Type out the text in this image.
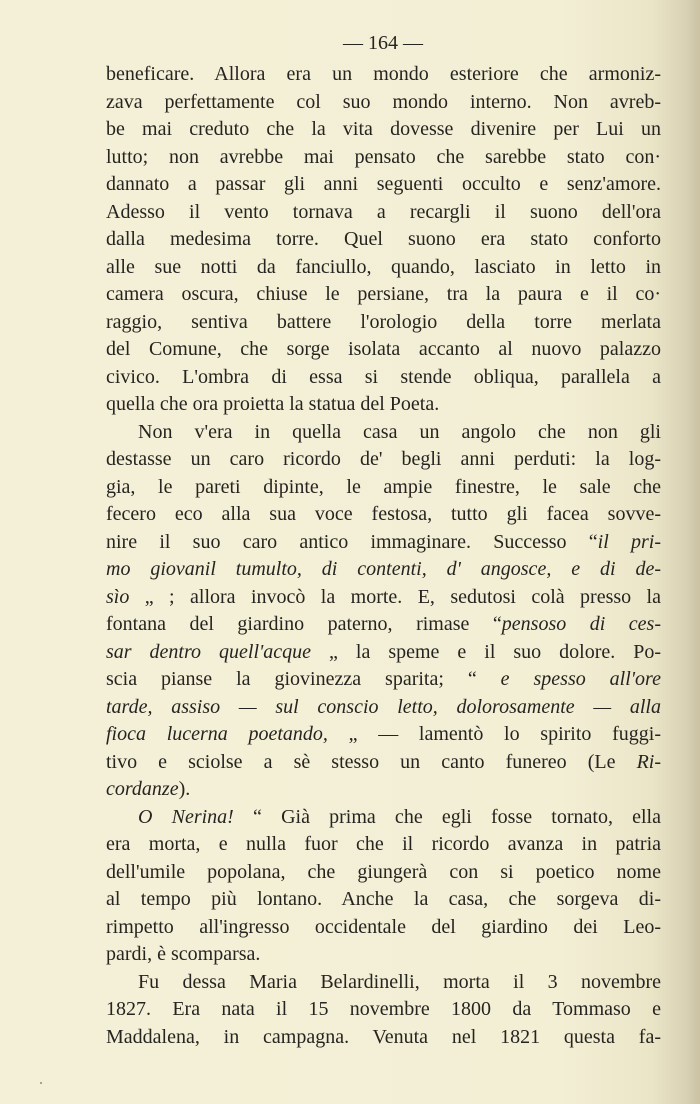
— 164 —
beneficare. Allora era un mondo esteriore che armoniz-
zava perfettamente col suo mondo interno. Non avreb-
be mai creduto che la vita dovesse divenire per Lui un
lutto; non avrebbe mai pensato che sarebbe stato con·
dannato a passar gli anni seguenti occulto e senz'amore.
Adesso il vento tornava a recargli il suono dell'ora
dalla medesima torre. Quel suono era stato conforto
alle sue notti da fanciullo, quando, lasciato in letto in
camera oscura, chiuse le persiane, tra la paura e il co·
raggio, sentiva battere l'orologio della torre merlata
del Comune, che sorge isolata accanto al nuovo palazzo
civico. L'ombra di essa si stende obliqua, parallela a
quella che ora proietta la statua del Poeta.
Non v'era in quella casa un angolo che non gli
destasse un caro ricordo de' begli anni perduti: la log-
gia, le pareti dipinte, le ampie finestre, le sale che
fecero eco alla sua voce festosa, tutto gli facea sovve-
nire il suo caro antico immaginare. Successo “il pri-
mo giovanil tumulto, di contenti, d' angosce, e di de-
sìo „ ; allora invocò la morte. E, sedutosi colà presso la
fontana del giardino paterno, rimase “pensoso di ces-
sar dentro quell'acque „ la speme e il suo dolore. Po-
scia pianse la giovinezza sparita; “ e spesso all'ore
tarde, assiso — sul conscio letto, dolorosamente — alla
fioca lucerna poetando, „ — lamentò lo spirito fuggi-
tivo e sciolse a sè stesso un canto funereo (Le Ri-
cordanze).
O Nerina! “ Già prima che egli fosse tornato, ella
era morta, e nulla fuor che il ricordo avanza in patria
dell'umile popolana, che giungerà con si poetico nome
al tempo più lontano. Anche la casa, che sorgeva di-
rimpetto all'ingresso occidentale del giardino dei Leo-
pardi, è scomparsa.
Fu dessa Maria Belardinelli, morta il 3 novembre
1827. Era nata il 15 novembre 1800 da Tommaso e
Maddalena, in campagna. Venuta nel 1821 questa fa-
